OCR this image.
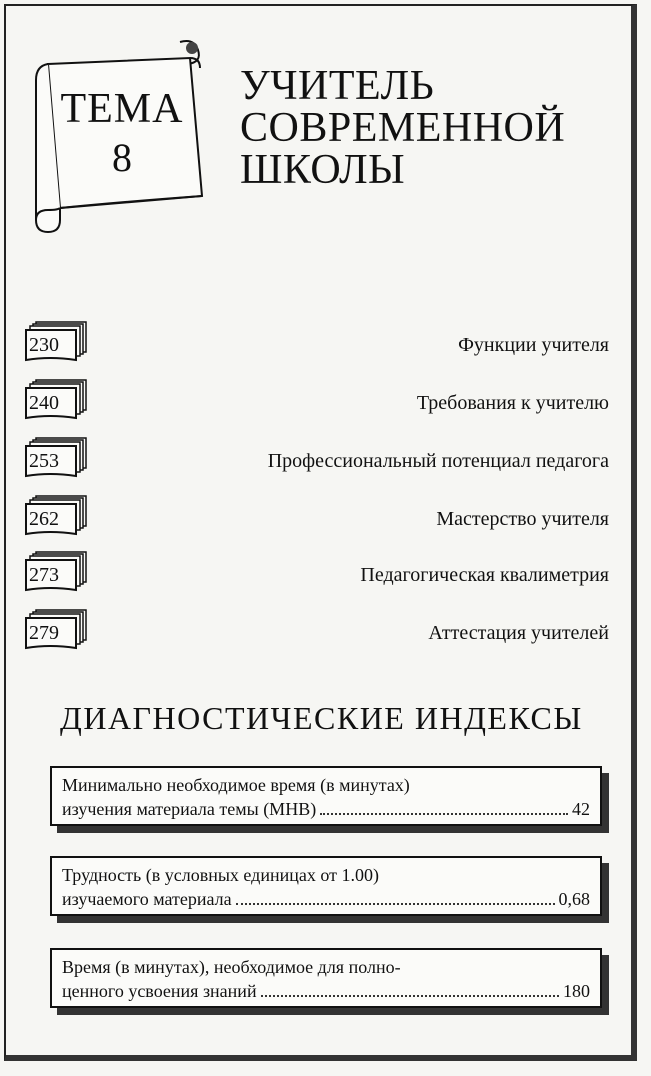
ТЕМА
8
УЧИТЕЛЬ
СОВРЕМЕННОЙ
ШКОЛЫ
230	Функции учителя
240	Требования к учителю
253	Профессиональный потенциал педагога
262	Мастерство учителя
273	Педагогическая квалиметрия
279	Аттестация учителей
ДИАГНОСТИЧЕСКИЕ ИНДЕКСЫ
Минимально необходимое время (в минутах)
изучения материала темы (МНВ)	42
Трудность (в условных единицах от 1.00)
изучаемого материала	0,68
Время (в минутах), необходимое для полно-
ценного усвоения знаний	180
